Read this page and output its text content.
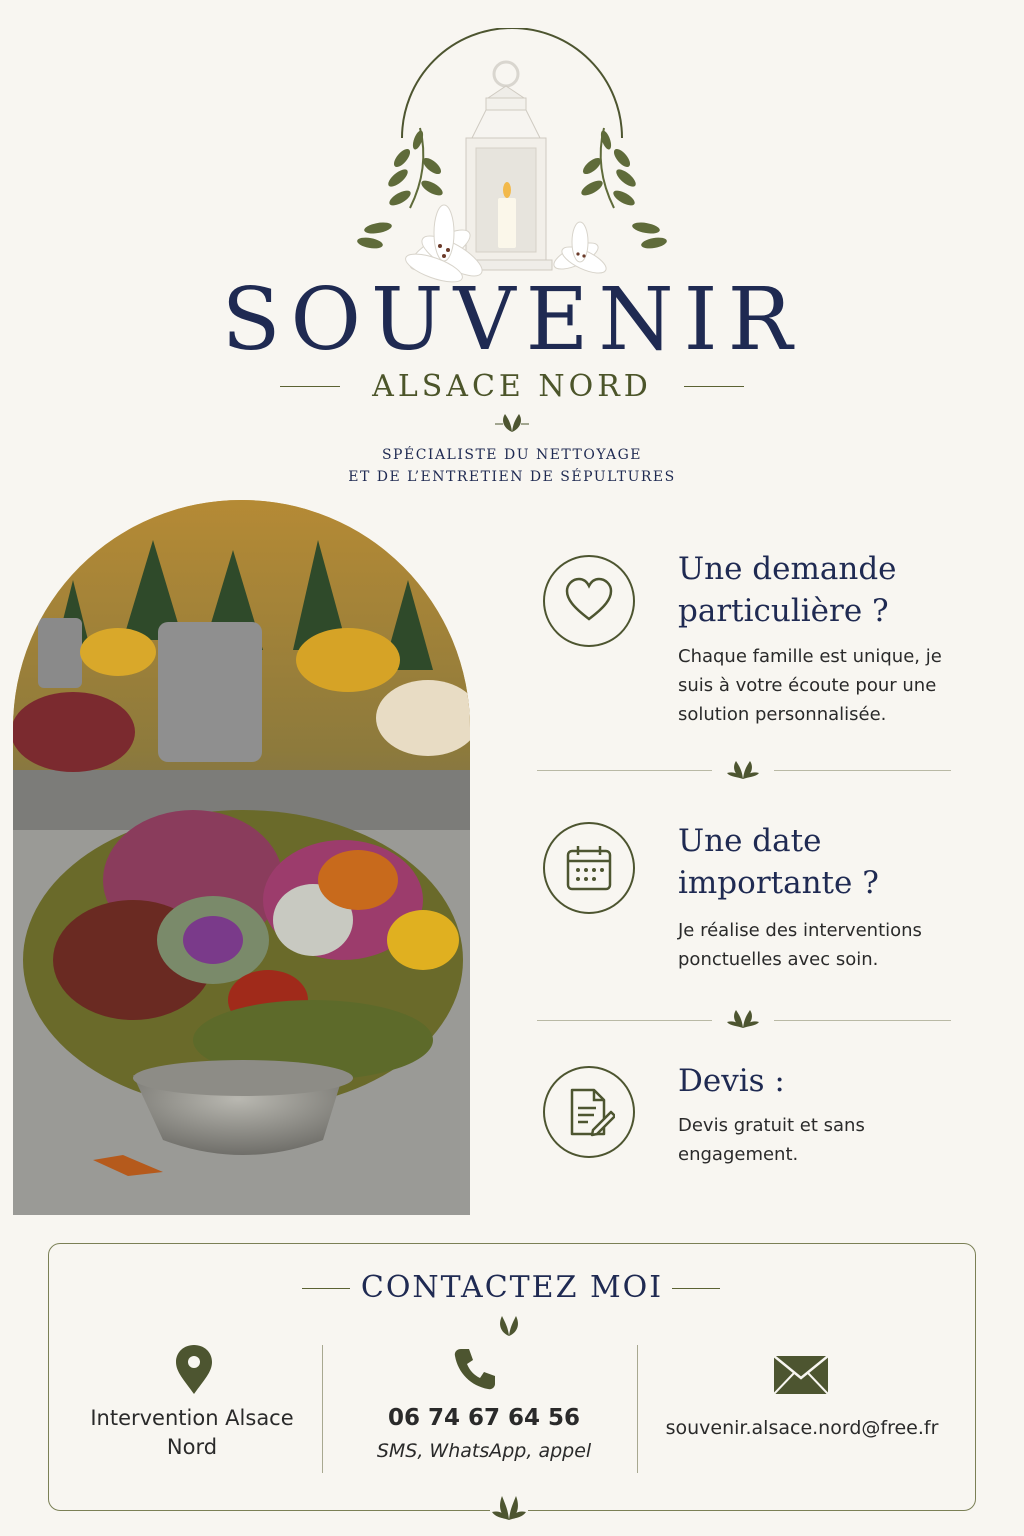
SOUVENIR
ALSACE NORD
SPÉCIALISTE DU NETTOYAGE
ET DE L’ENTRETIEN DE SÉPULTURES
Une demande particulière ?
Chaque famille est unique, je suis à votre écoute pour une solution personnalisée.
Une date importante ?
Je réalise des interventions ponctuelles avec soin.
Devis :
Devis gratuit et sans engagement.
CONTACTEZ MOI
Intervention Alsace Nord
06 74 67 64 56
SMS, WhatsApp, appel
souvenir.alsace.nord@free.fr
